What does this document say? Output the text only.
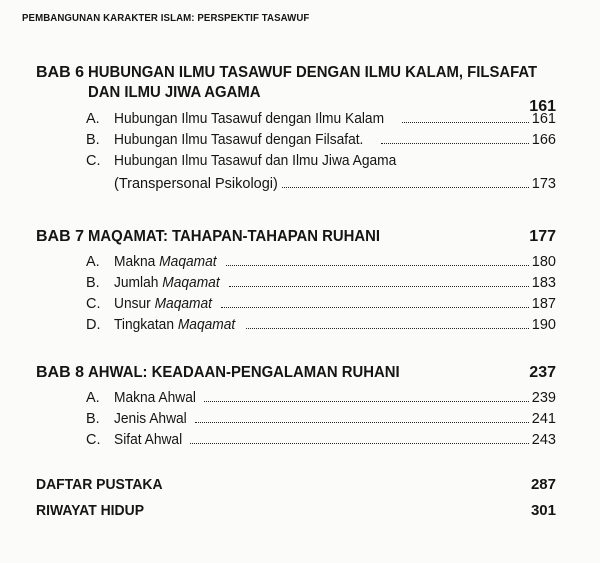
PEMBANGUNAN KARAKTER ISLAM: PERSPEKTIF TASAWUF
BAB 6 HUBUNGAN ILMU TASAWUF DENGAN ILMU KALAM, FILSAFAT
DAN ILMU JIWA AGAMA
161
A. Hubungan Ilmu Tasawuf dengan Ilmu Kalam	161
B. Hubungan Ilmu Tasawuf dengan Filsafat.	166
C. Hubungan Ilmu Tasawuf dan Ilmu Jiwa Agama
(Transpersonal Psikologi)	173
BAB 7 MAQAMAT: TAHAPAN-TAHAPAN RUHANI	177
A. Makna Maqamat	180
B. Jumlah Maqamat	183
C. Unsur Maqamat	187
D. Tingkatan Maqamat	190
BAB 8 AHWAL: KEADAAN-PENGALAMAN RUHANI	237
A. Makna Ahwal	239
B. Jenis Ahwal	241
C. Sifat Ahwal	243
DAFTAR PUSTAKA	287
RIWAYAT HIDUP	301
